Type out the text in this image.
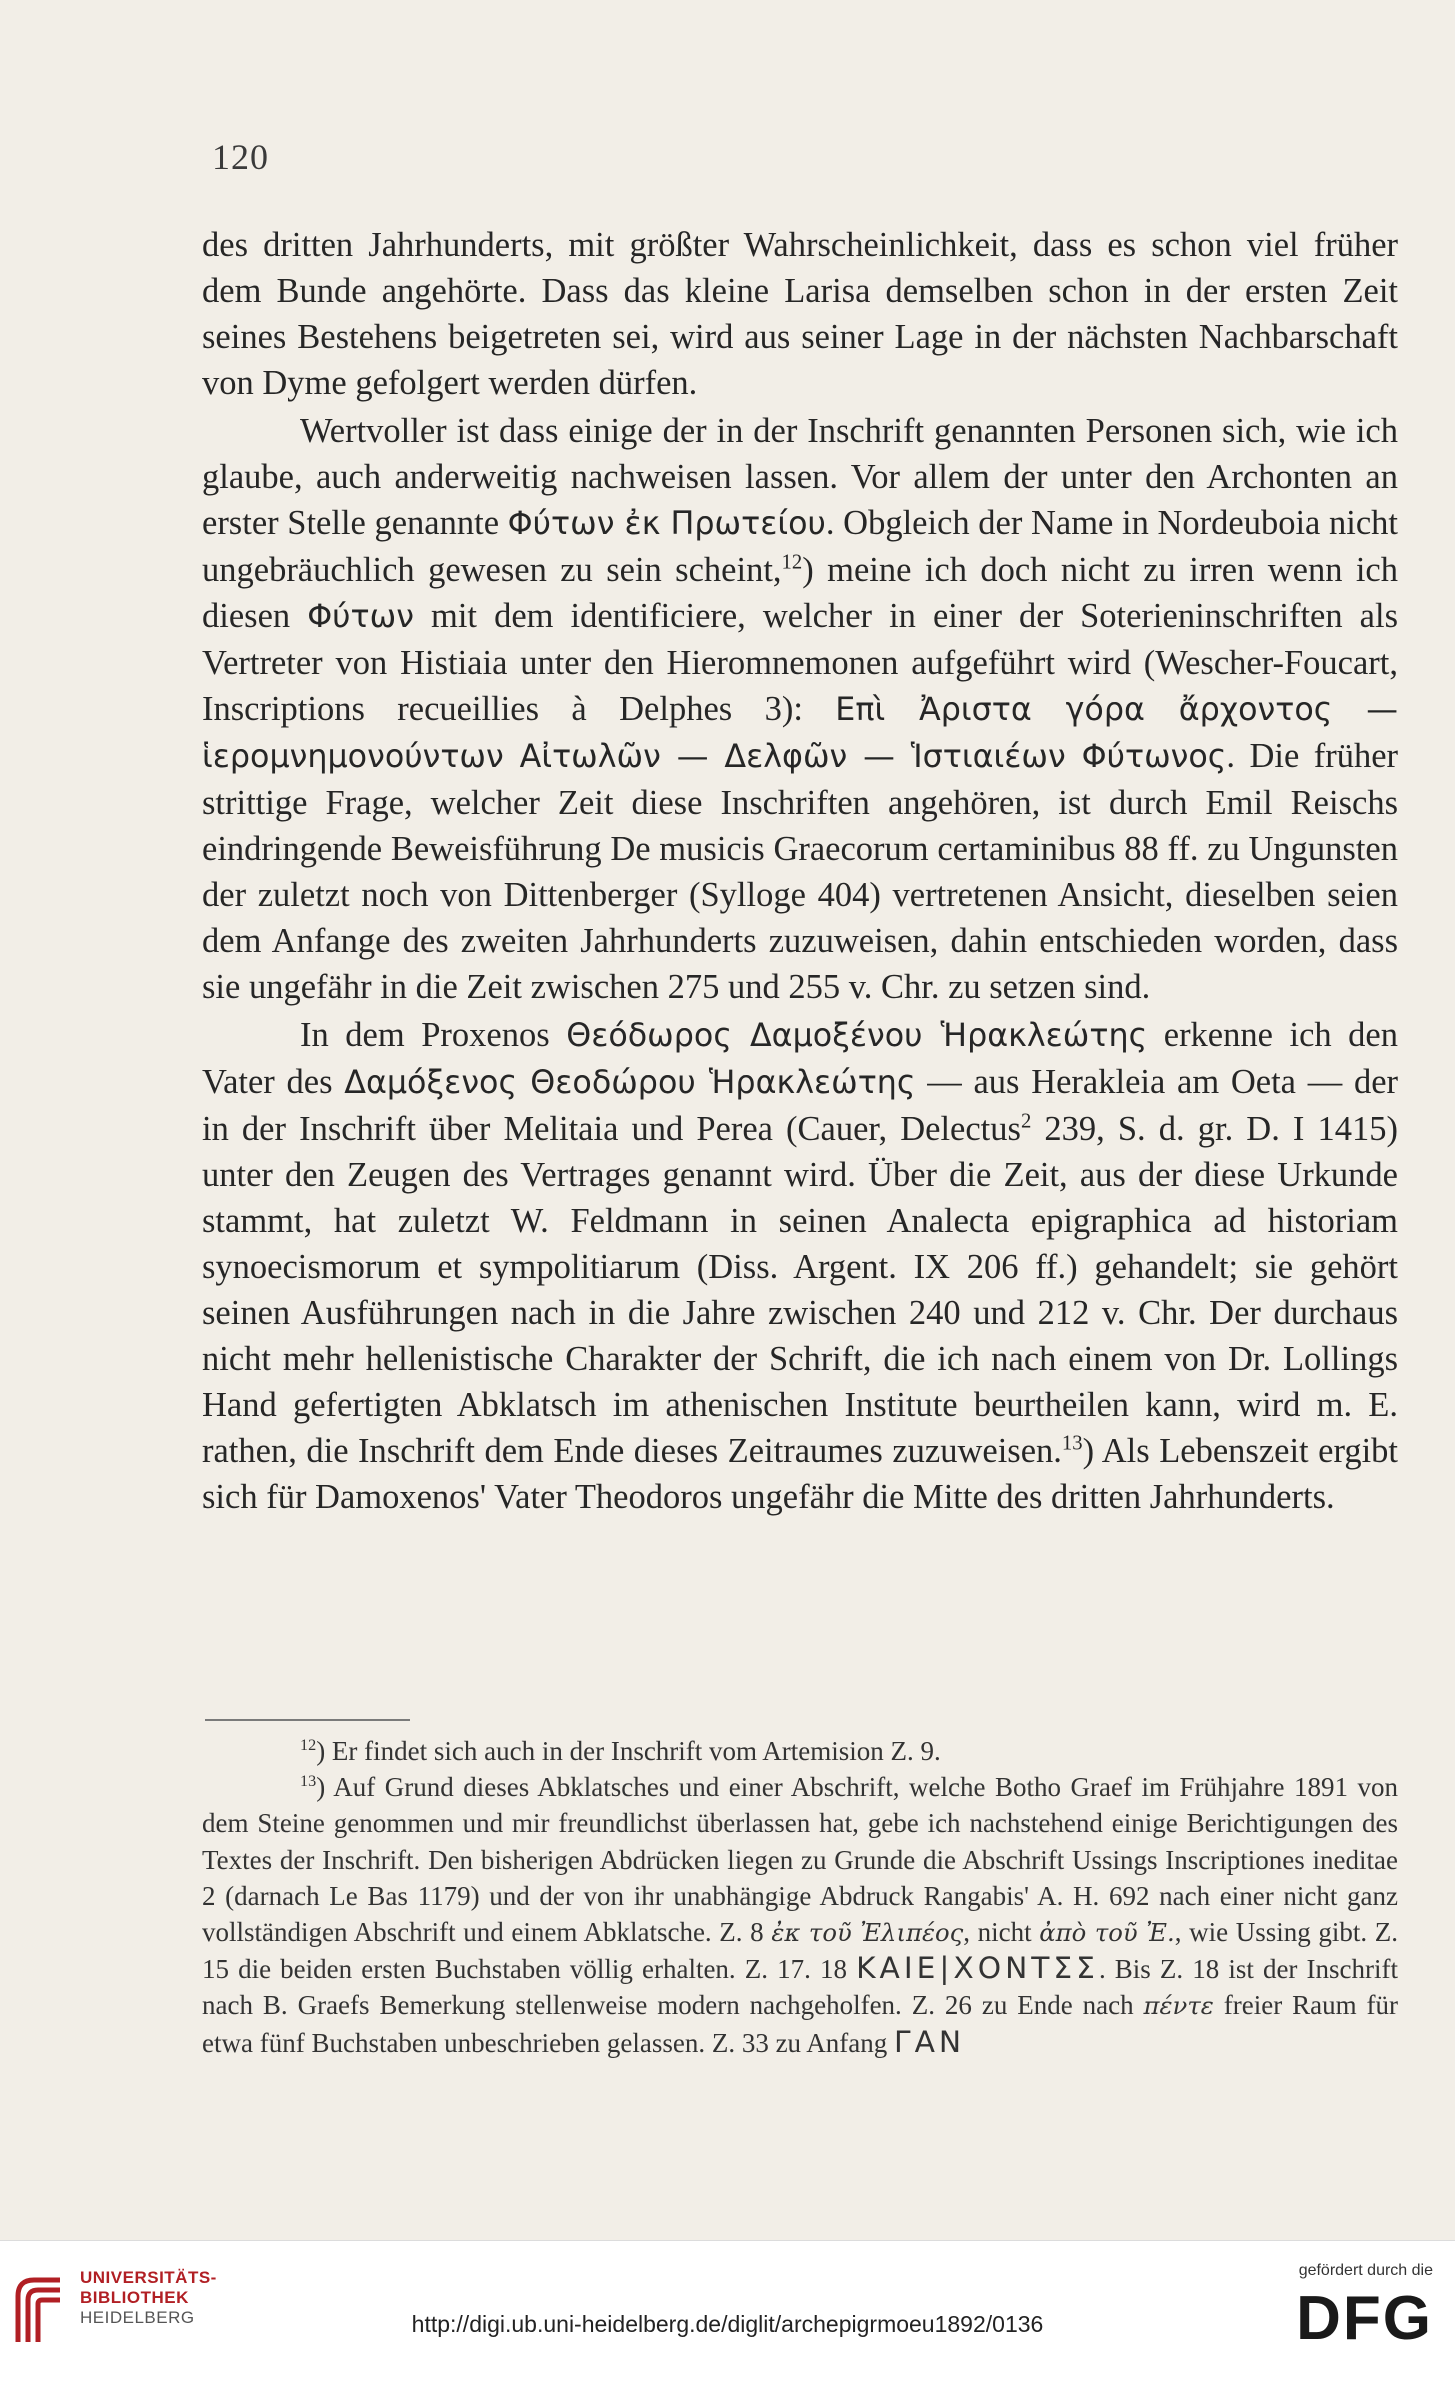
120

des dritten Jahrhunderts, mit größter Wahrscheinlichkeit, dass es schon viel früher dem Bunde angehörte. Dass das kleine Larisa demselben schon in der ersten Zeit seines Bestehens beigetreten sei, wird aus seiner Lage in der nächsten Nachbarschaft von Dyme gefolgert werden dürfen.

Wertvoller ist dass einige der in der Inschrift genannten Personen sich, wie ich glaube, auch anderweitig nachweisen lassen. Vor allem der unter den Archonten an erster Stelle genannte Φύτων ἐκ Πρωτείου. Obgleich der Name in Nordeuboia nicht ungebräuchlich gewesen zu sein scheint,$^{12}$) meine ich doch nicht zu irren wenn ich diesen Φύτων mit dem identificiere, welcher in einer der Soterieninschriften als Vertreter von Histiaia unter den Hieromnemonen aufgeführt wird (Wescher-Foucart, Inscriptions recueillies à Delphes 3): Επὶ Ἀριστα γόρα ἄρχοντος — ἱερομνημονούντων Αἰτωλῶν — Δελφῶν — Ἱστιαιέων Φύτωνος. Die früher strittige Frage, welcher Zeit diese Inschriften angehören, ist durch Emil Reischs eindringende Beweisführung De musicis Graecorum certaminibus 88 ff. zu Ungunsten der zuletzt noch von Dittenberger (Sylloge 404) vertretenen Ansicht, dieselben seien dem Anfange des zweiten Jahrhunderts zuzuweisen, dahin entschieden worden, dass sie ungefähr in die Zeit zwischen 275 und 255 v. Chr. zu setzen sind.

In dem Proxenos Θεόδωρος Δαμοξένου Ἡρακλεώτης erkenne ich den Vater des Δαμόξενος Θεοδώρου Ἡρακλεώτης — aus Herakleia am Oeta — der in der Inschrift über Melitaia und Perea (Cauer, Delectus$^2$ 239, S. d. gr. D. I 1415) unter den Zeugen des Vertrages genannt wird. Über die Zeit, aus der diese Urkunde stammt, hat zuletzt W. Feldmann in seinen Analecta epigraphica ad historiam synoecismorum et sympolitiarum (Diss. Argent. IX 206 ff.) gehandelt; sie gehört seinen Ausführungen nach in die Jahre zwischen 240 und 212 v. Chr. Der durchaus nicht mehr hellenistische Charakter der Schrift, die ich nach einem von Dr. Lollings Hand gefertigten Abklatsch im athenischen Institute beurtheilen kann, wird m. E. rathen, die Inschrift dem Ende dieses Zeitraumes zuzuweisen.$^{13}$) Als Lebenszeit ergibt sich für Damoxenos' Vater Theodoros ungefähr die Mitte des dritten Jahrhunderts.

$^{12}$) Er findet sich auch in der Inschrift vom Artemision Z. 9.

$^{13}$) Auf Grund dieses Abklatsches und einer Abschrift, welche Botho Graef im Frühjahre 1891 von dem Steine genommen und mir freundlichst überlassen hat, gebe ich nachstehend einige Berichtigungen des Textes der Inschrift. Den bisherigen Abdrücken liegen zu Grunde die Abschrift Ussings Inscriptiones ineditae 2 (darnach Le Bas 1179) und der von ihr unabhängige Abdruck Rangabis' A. H. 692 nach einer nicht ganz vollständigen Abschrift und einem Abklatsche. Z. 8 ἐκ τοῦ Ἐλιπέος, nicht ἀπὸ τοῦ Ἐ., wie Ussing gibt. Z. 15 die beiden ersten Buchstaben völlig erhalten. Z. 17. 18 ΚΑΙΕ|ΧΟΝΤΣΣ. Bis Z. 18 ist der Inschrift nach B. Graefs Bemerkung stellenweise modern nachgeholfen. Z. 26 zu Ende nach πέντε freier Raum für etwa fünf Buchstaben unbeschrieben gelassen. Z. 33 zu Anfang ΓΑΝ

UNIVERSITÄTS-
BIBLIOTHEK
HEIDELBERG	http://digi.ub.uni-heidelberg.de/diglit/archepigrmoeu1892/0136
gefördert durch die
DFG
